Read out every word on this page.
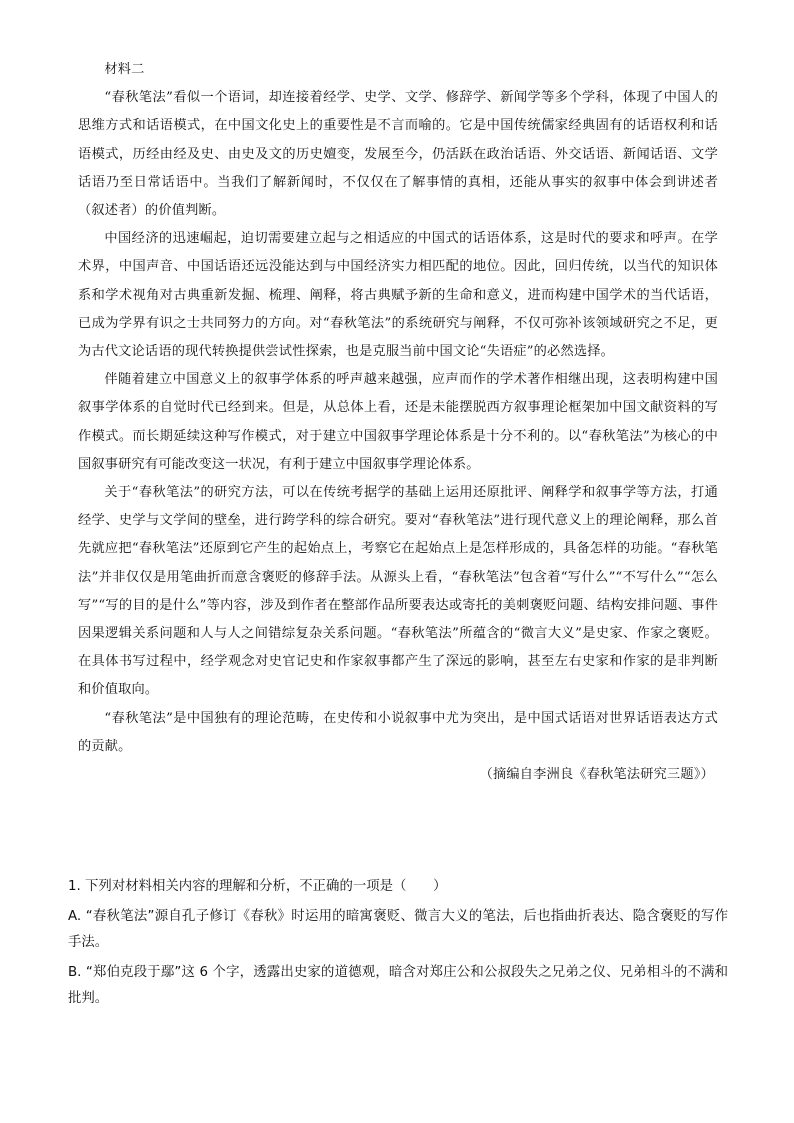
材料二

“春秋笔法”看似一个语词，却连接着经学、史学、文学、修辞学、新闻学等多个学科，体现了中国人的思维方式和话语模式，在中国文化史上的重要性是不言而喻的。它是中国传统儒家经典固有的话语权利和话语模式，历经由经及史、由史及文的历史嬗变，发展至今，仍活跃在政治话语、外交话语、新闻话语、文学话语乃至日常话语中。当我们了解新闻时，不仅仅在了解事情的真相，还能从事实的叙事中体会到讲述者（叙述者）的价值判断。

中国经济的迅速崛起，迫切需要建立起与之相适应的中国式的话语体系，这是时代的要求和呼声。在学术界，中国声音、中国话语还远没能达到与中国经济实力相匹配的地位。因此，回归传统，以当代的知识体系和学术视角对古典重新发掘、梳理、阐释，将古典赋予新的生命和意义，进而构建中国学术的当代话语，已成为学界有识之士共同努力的方向。对“春秋笔法”的系统研究与阐释，不仅可弥补该领域研究之不足，更为古代文论话语的现代转换提供尝试性探索，也是克服当前中国文论“失语症”的必然选择。

伴随着建立中国意义上的叙事学体系的呼声越来越强，应声而作的学术著作相继出现，这表明构建中国叙事学体系的自觉时代已经到来。但是，从总体上看，还是未能摆脱西方叙事理论框架加中国文献资料的写作模式。而长期延续这种写作模式，对于建立中国叙事学理论体系是十分不利的。以“春秋笔法”为核心的中国叙事研究有可能改变这一状况，有利于建立中国叙事学理论体系。

关于“春秋笔法”的研究方法，可以在传统考据学的基础上运用还原批评、阐释学和叙事学等方法，打通经学、史学与文学间的壁垒，进行跨学科的综合研究。要对“春秋笔法”进行现代意义上的理论阐释，那么首先就应把“春秋笔法”还原到它产生的起始点上，考察它在起始点上是怎样形成的，具备怎样的功能。“春秋笔法”并非仅仅是用笔曲折而意含褒贬的修辞手法。从源头上看，“春秋笔法”包含着“写什么”“不写什么”“怎么写”“写的目的是什么”等内容，涉及到作者在整部作品所要表达或寄托的美刺褒贬问题、结构安排问题、事件因果逻辑关系问题和人与人之间错综复杂关系问题。“春秋笔法”所蕴含的“微言大义”是史家、作家之褒贬。在具体书写过程中，经学观念对史官记史和作家叙事都产生了深远的影响，甚至左右史家和作家的是非判断和价值取向。

“春秋笔法”是中国独有的理论范畴，在史传和小说叙事中尤为突出，是中国式话语对世界话语表达方式的贡献。

（摘编自李洲良《春秋笔法研究三题》）

1. 下列对材料相关内容的理解和分析，不正确的一项是（　　）

A. “春秋笔法”源自孔子修订《春秋》时运用的暗寓褒贬、微言大义的笔法，后也指曲折表达、隐含褒贬的写作手法。

B. “郑伯克段于鄢”这 6 个字，透露出史家的道德观，暗含对郑庄公和公叔段失之兄弟之仪、兄弟相斗的不满和批判。
